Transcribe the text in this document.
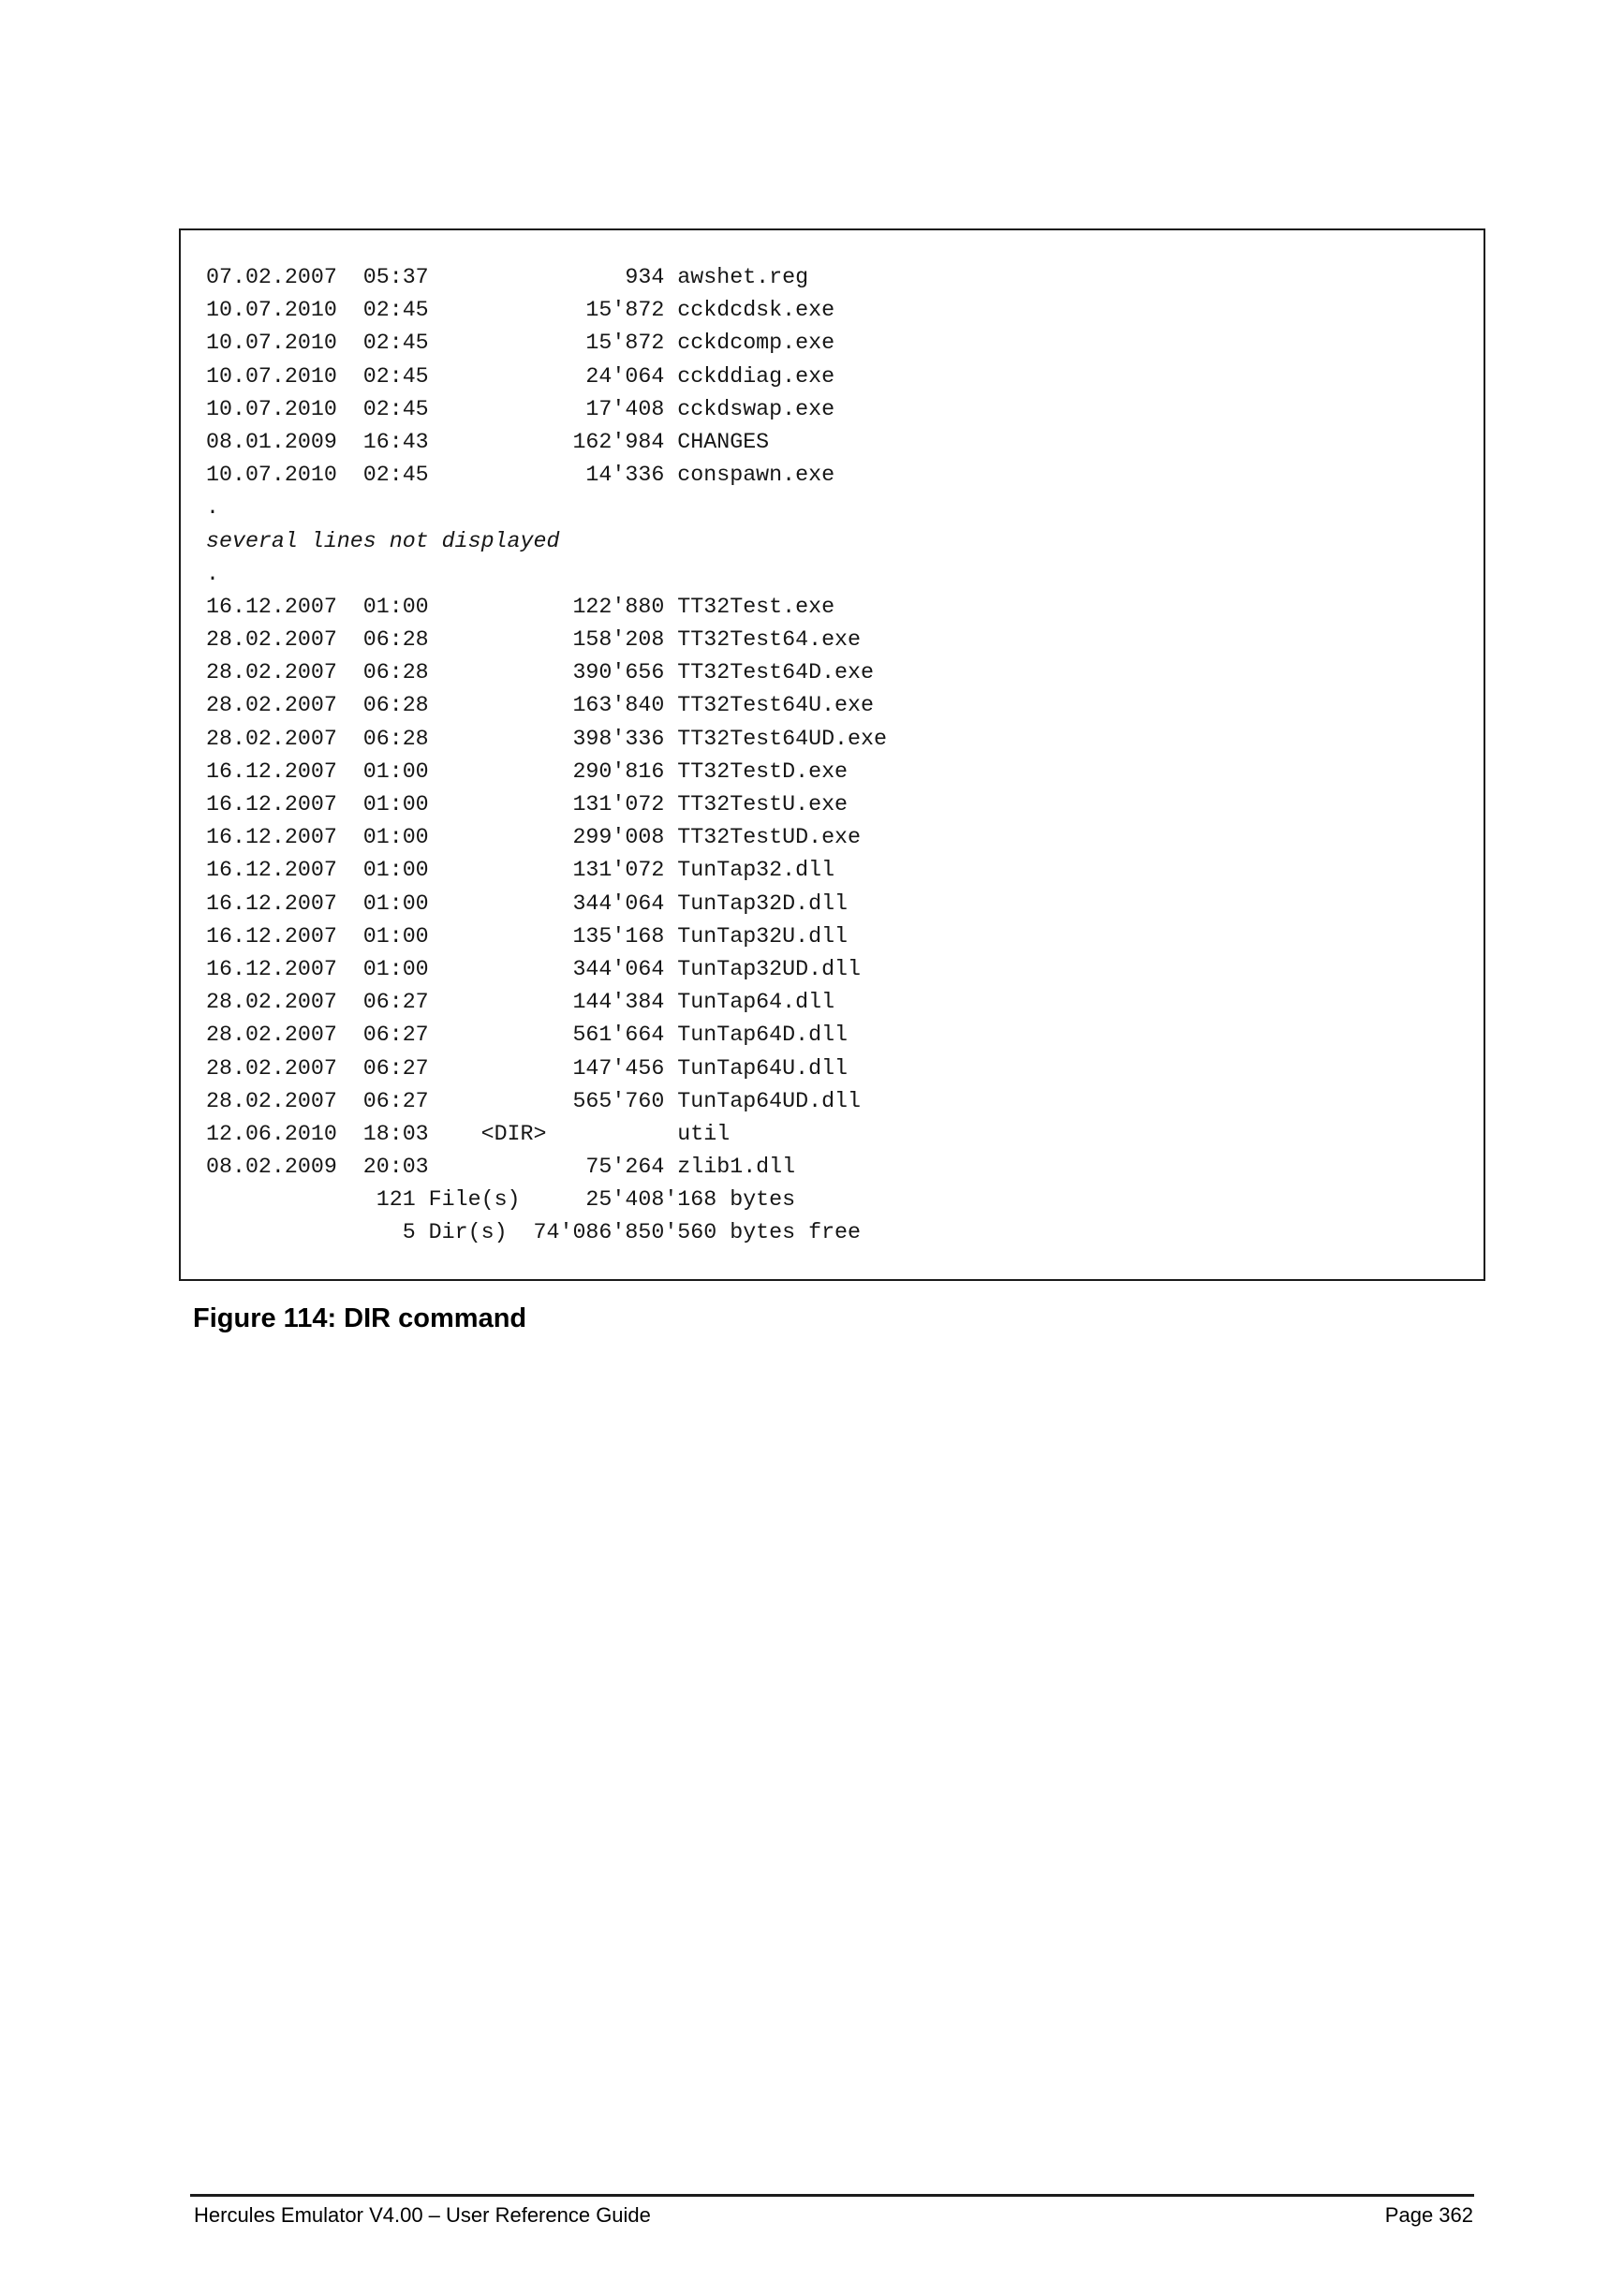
07.02.2007  05:37               934 awshet.reg
10.07.2010  02:45            15'872 cckdcdsk.exe
10.07.2010  02:45            15'872 cckdcomp.exe
10.07.2010  02:45            24'064 cckddiag.exe
10.07.2010  02:45            17'408 cckdswap.exe
08.01.2009  16:43           162'984 CHANGES
10.07.2010  02:45            14'336 conspawn.exe
.
several lines not displayed
.
16.12.2007  01:00           122'880 TT32Test.exe
28.02.2007  06:28           158'208 TT32Test64.exe
28.02.2007  06:28           390'656 TT32Test64D.exe
28.02.2007  06:28           163'840 TT32Test64U.exe
28.02.2007  06:28           398'336 TT32Test64UD.exe
16.12.2007  01:00           290'816 TT32TestD.exe
16.12.2007  01:00           131'072 TT32TestU.exe
16.12.2007  01:00           299'008 TT32TestUD.exe
16.12.2007  01:00           131'072 TunTap32.dll
16.12.2007  01:00           344'064 TunTap32D.dll
16.12.2007  01:00           135'168 TunTap32U.dll
16.12.2007  01:00           344'064 TunTap32UD.dll
28.02.2007  06:27           144'384 TunTap64.dll
28.02.2007  06:27           561'664 TunTap64D.dll
28.02.2007  06:27           147'456 TunTap64U.dll
28.02.2007  06:27           565'760 TunTap64UD.dll
12.06.2010  18:03    <DIR>          util
08.02.2009  20:03            75'264 zlib1.dll
121 File(s)     25'408'168 bytes
5 Dir(s)  74'086'850'560 bytes free
Figure 114: DIR command
Hercules Emulator V4.00 – User Reference Guide	Page 362
